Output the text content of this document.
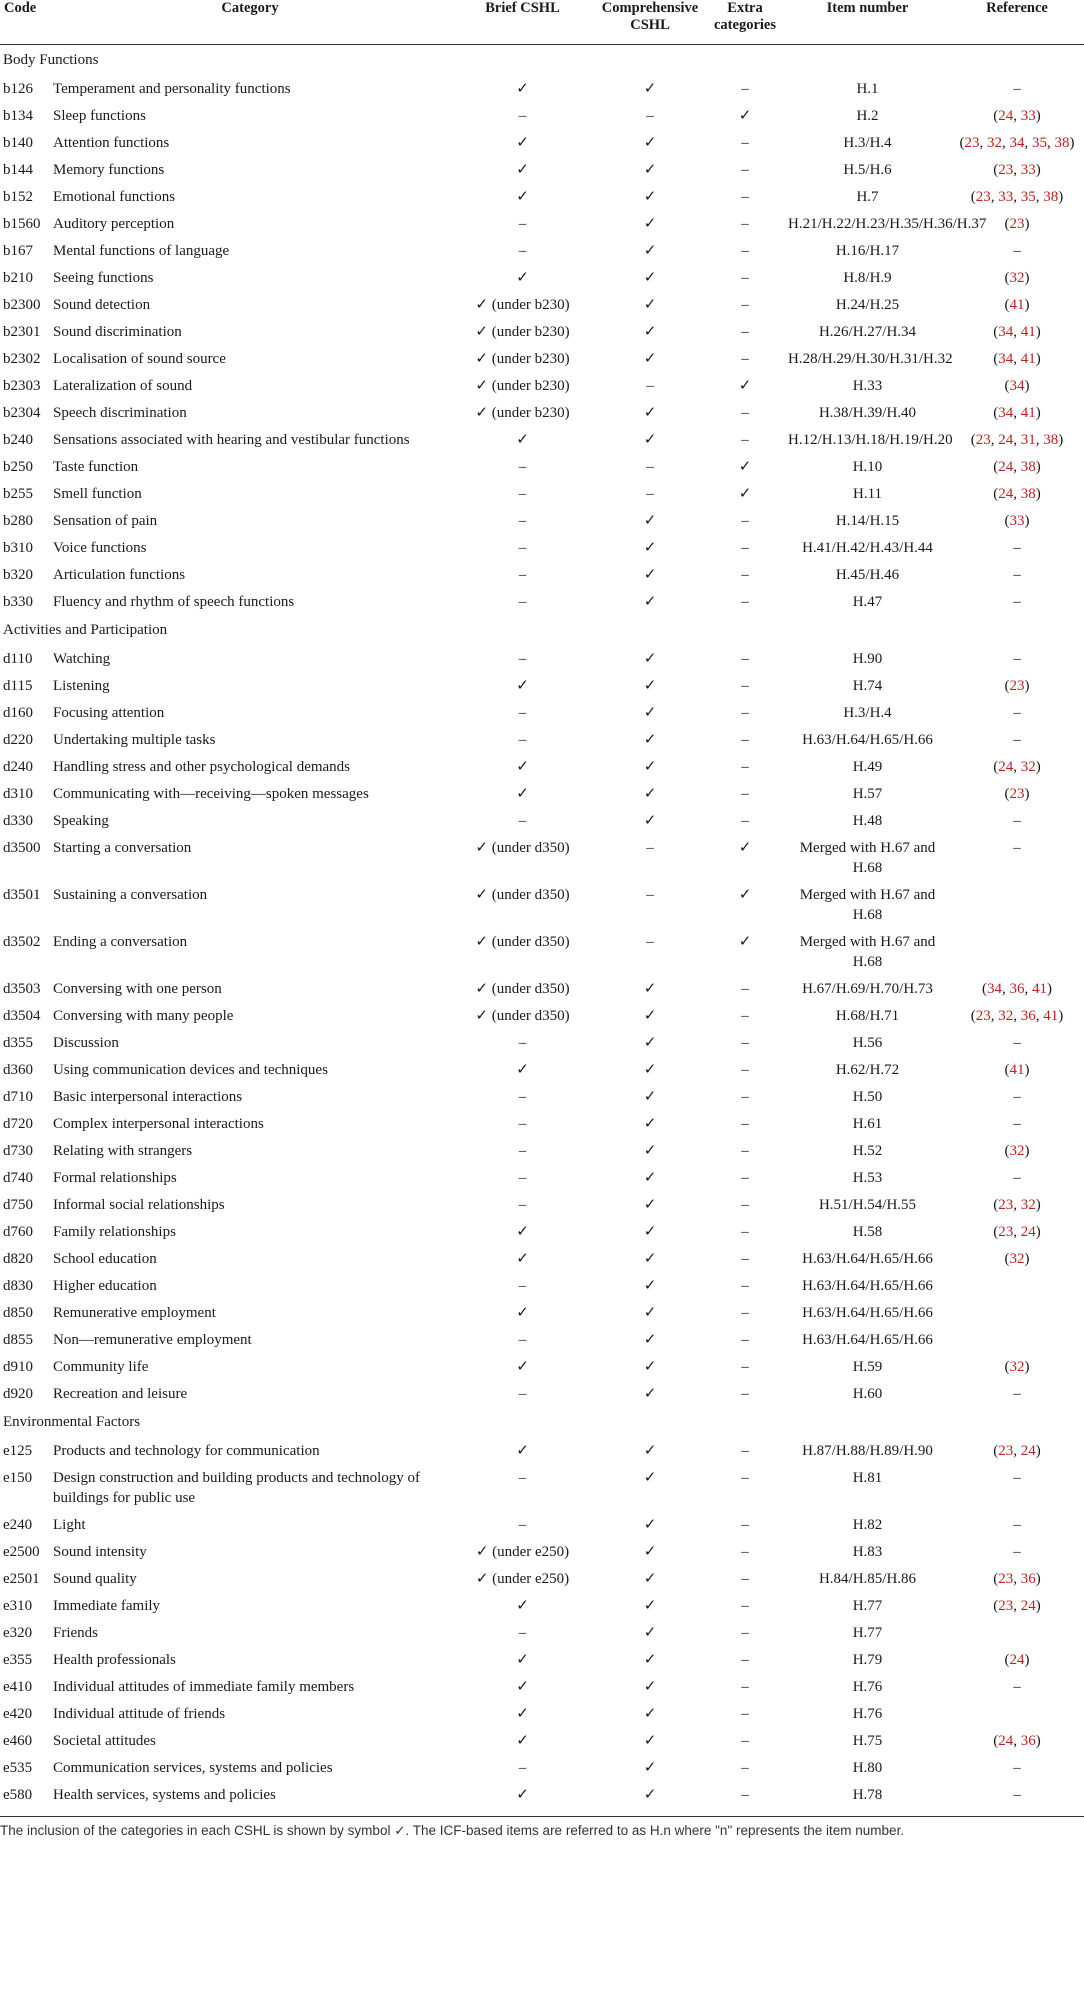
Code	Category	Brief CSHL	Comprehensive CSHL	Extra categories	Item number	Reference
Body Functions						
b126	Temperament and personality functions	✓	✓	–	H.1	–
b134	Sleep functions	–	–	✓	H.2	(24, 33)
b140	Attention functions	✓	✓	–	H.3/H.4	(23, 32, 34, 35, 38)
b144	Memory functions	✓	✓	–	H.5/H.6	(23, 33)
b152	Emotional functions	✓	✓	–	H.7	(23, 33, 35, 38)
b1560	Auditory perception	–	✓	–	H.21/H.22/H.23/H.35/H.36/H.37	(23)
b167	Mental functions of language	–	✓	–	H.16/H.17	–
b210	Seeing functions	✓	✓	–	H.8/H.9	(32)
b2300	Sound detection	✓ (under b230)	✓	–	H.24/H.25	(41)
b2301	Sound discrimination	✓ (under b230)	✓	–	H.26/H.27/H.34	(34, 41)
b2302	Localisation of sound source	✓ (under b230)	✓	–	H.28/H.29/H.30/H.31/H.32	(34, 41)
b2303	Lateralization of sound	✓ (under b230)	–	✓	H.33	(34)
b2304	Speech discrimination	✓ (under b230)	✓	–	H.38/H.39/H.40	(34, 41)
b240	Sensations associated with hearing and vestibular functions	✓	✓	–	H.12/H.13/H.18/H.19/H.20	(23, 24, 31, 38)
b250	Taste function	–	–	✓	H.10	(24, 38)
b255	Smell function	–	–	✓	H.11	(24, 38)
b280	Sensation of pain	–	✓	–	H.14/H.15	(33)
b310	Voice functions	–	✓	–	H.41/H.42/H.43/H.44	–
b320	Articulation functions	–	✓	–	H.45/H.46	–
b330	Fluency and rhythm of speech functions	–	✓	–	H.47	–
Activities and Participation						
d110	Watching	–	✓	–	H.90	–
d115	Listening	✓	✓	–	H.74	(23)
d160	Focusing attention	–	✓	–	H.3/H.4	–
d220	Undertaking multiple tasks	–	✓	–	H.63/H.64/H.65/H.66	–
d240	Handling stress and other psychological demands	✓	✓	–	H.49	(24, 32)
d310	Communicating with—receiving—spoken messages	✓	✓	–	H.57	(23)
d330	Speaking	–	✓	–	H.48	–
d3500	Starting a conversation	✓ (under d350)	–	✓	Merged with H.67 and H.68	–
d3501	Sustaining a conversation	✓ (under d350)	–	✓	Merged with H.67 and H.68	
d3502	Ending a conversation	✓ (under d350)	–	✓	Merged with H.67 and H.68	
d3503	Conversing with one person	✓ (under d350)	✓	–	H.67/H.69/H.70/H.73	(34, 36, 41)
d3504	Conversing with many people	✓ (under d350)	✓	–	H.68/H.71	(23, 32, 36, 41)
d355	Discussion	–	✓	–	H.56	–
d360	Using communication devices and techniques	✓	✓	–	H.62/H.72	(41)
d710	Basic interpersonal interactions	–	✓	–	H.50	–
d720	Complex interpersonal interactions	–	✓	–	H.61	–
d730	Relating with strangers	–	✓	–	H.52	(32)
d740	Formal relationships	–	✓	–	H.53	–
d750	Informal social relationships	–	✓	–	H.51/H.54/H.55	(23, 32)
d760	Family relationships	✓	✓	–	H.58	(23, 24)
d820	School education	✓	✓	–	H.63/H.64/H.65/H.66	(32)
d830	Higher education	–	✓	–	H.63/H.64/H.65/H.66	
d850	Remunerative employment	✓	✓	–	H.63/H.64/H.65/H.66	
d855	Non—remunerative employment	–	✓	–	H.63/H.64/H.65/H.66	
d910	Community life	✓	✓	–	H.59	(32)
d920	Recreation and leisure	–	✓	–	H.60	–
Environmental Factors						
e125	Products and technology for communication	✓	✓	–	H.87/H.88/H.89/H.90	(23, 24)
e150	Design construction and building products and technology of buildings for public use	–	✓	–	H.81	–
e240	Light	–	✓	–	H.82	–
e2500	Sound intensity	✓ (under e250)	✓	–	H.83	–
e2501	Sound quality	✓ (under e250)	✓	–	H.84/H.85/H.86	(23, 36)
e310	Immediate family	✓	✓	–	H.77	(23, 24)
e320	Friends	–	✓	–	H.77	
e355	Health professionals	✓	✓	–	H.79	(24)
e410	Individual attitudes of immediate family members	✓	✓	–	H.76	–
e420	Individual attitude of friends	✓	✓	–	H.76	
e460	Societal attitudes	✓	✓	–	H.75	(24, 36)
e535	Communication services, systems and policies	–	✓	–	H.80	–
e580	Health services, systems and policies	✓	✓	–	H.78	–
The inclusion of the categories in each CSHL is shown by symbol ✓. The ICF-based items are referred to as H.n where "n" represents the item number.
